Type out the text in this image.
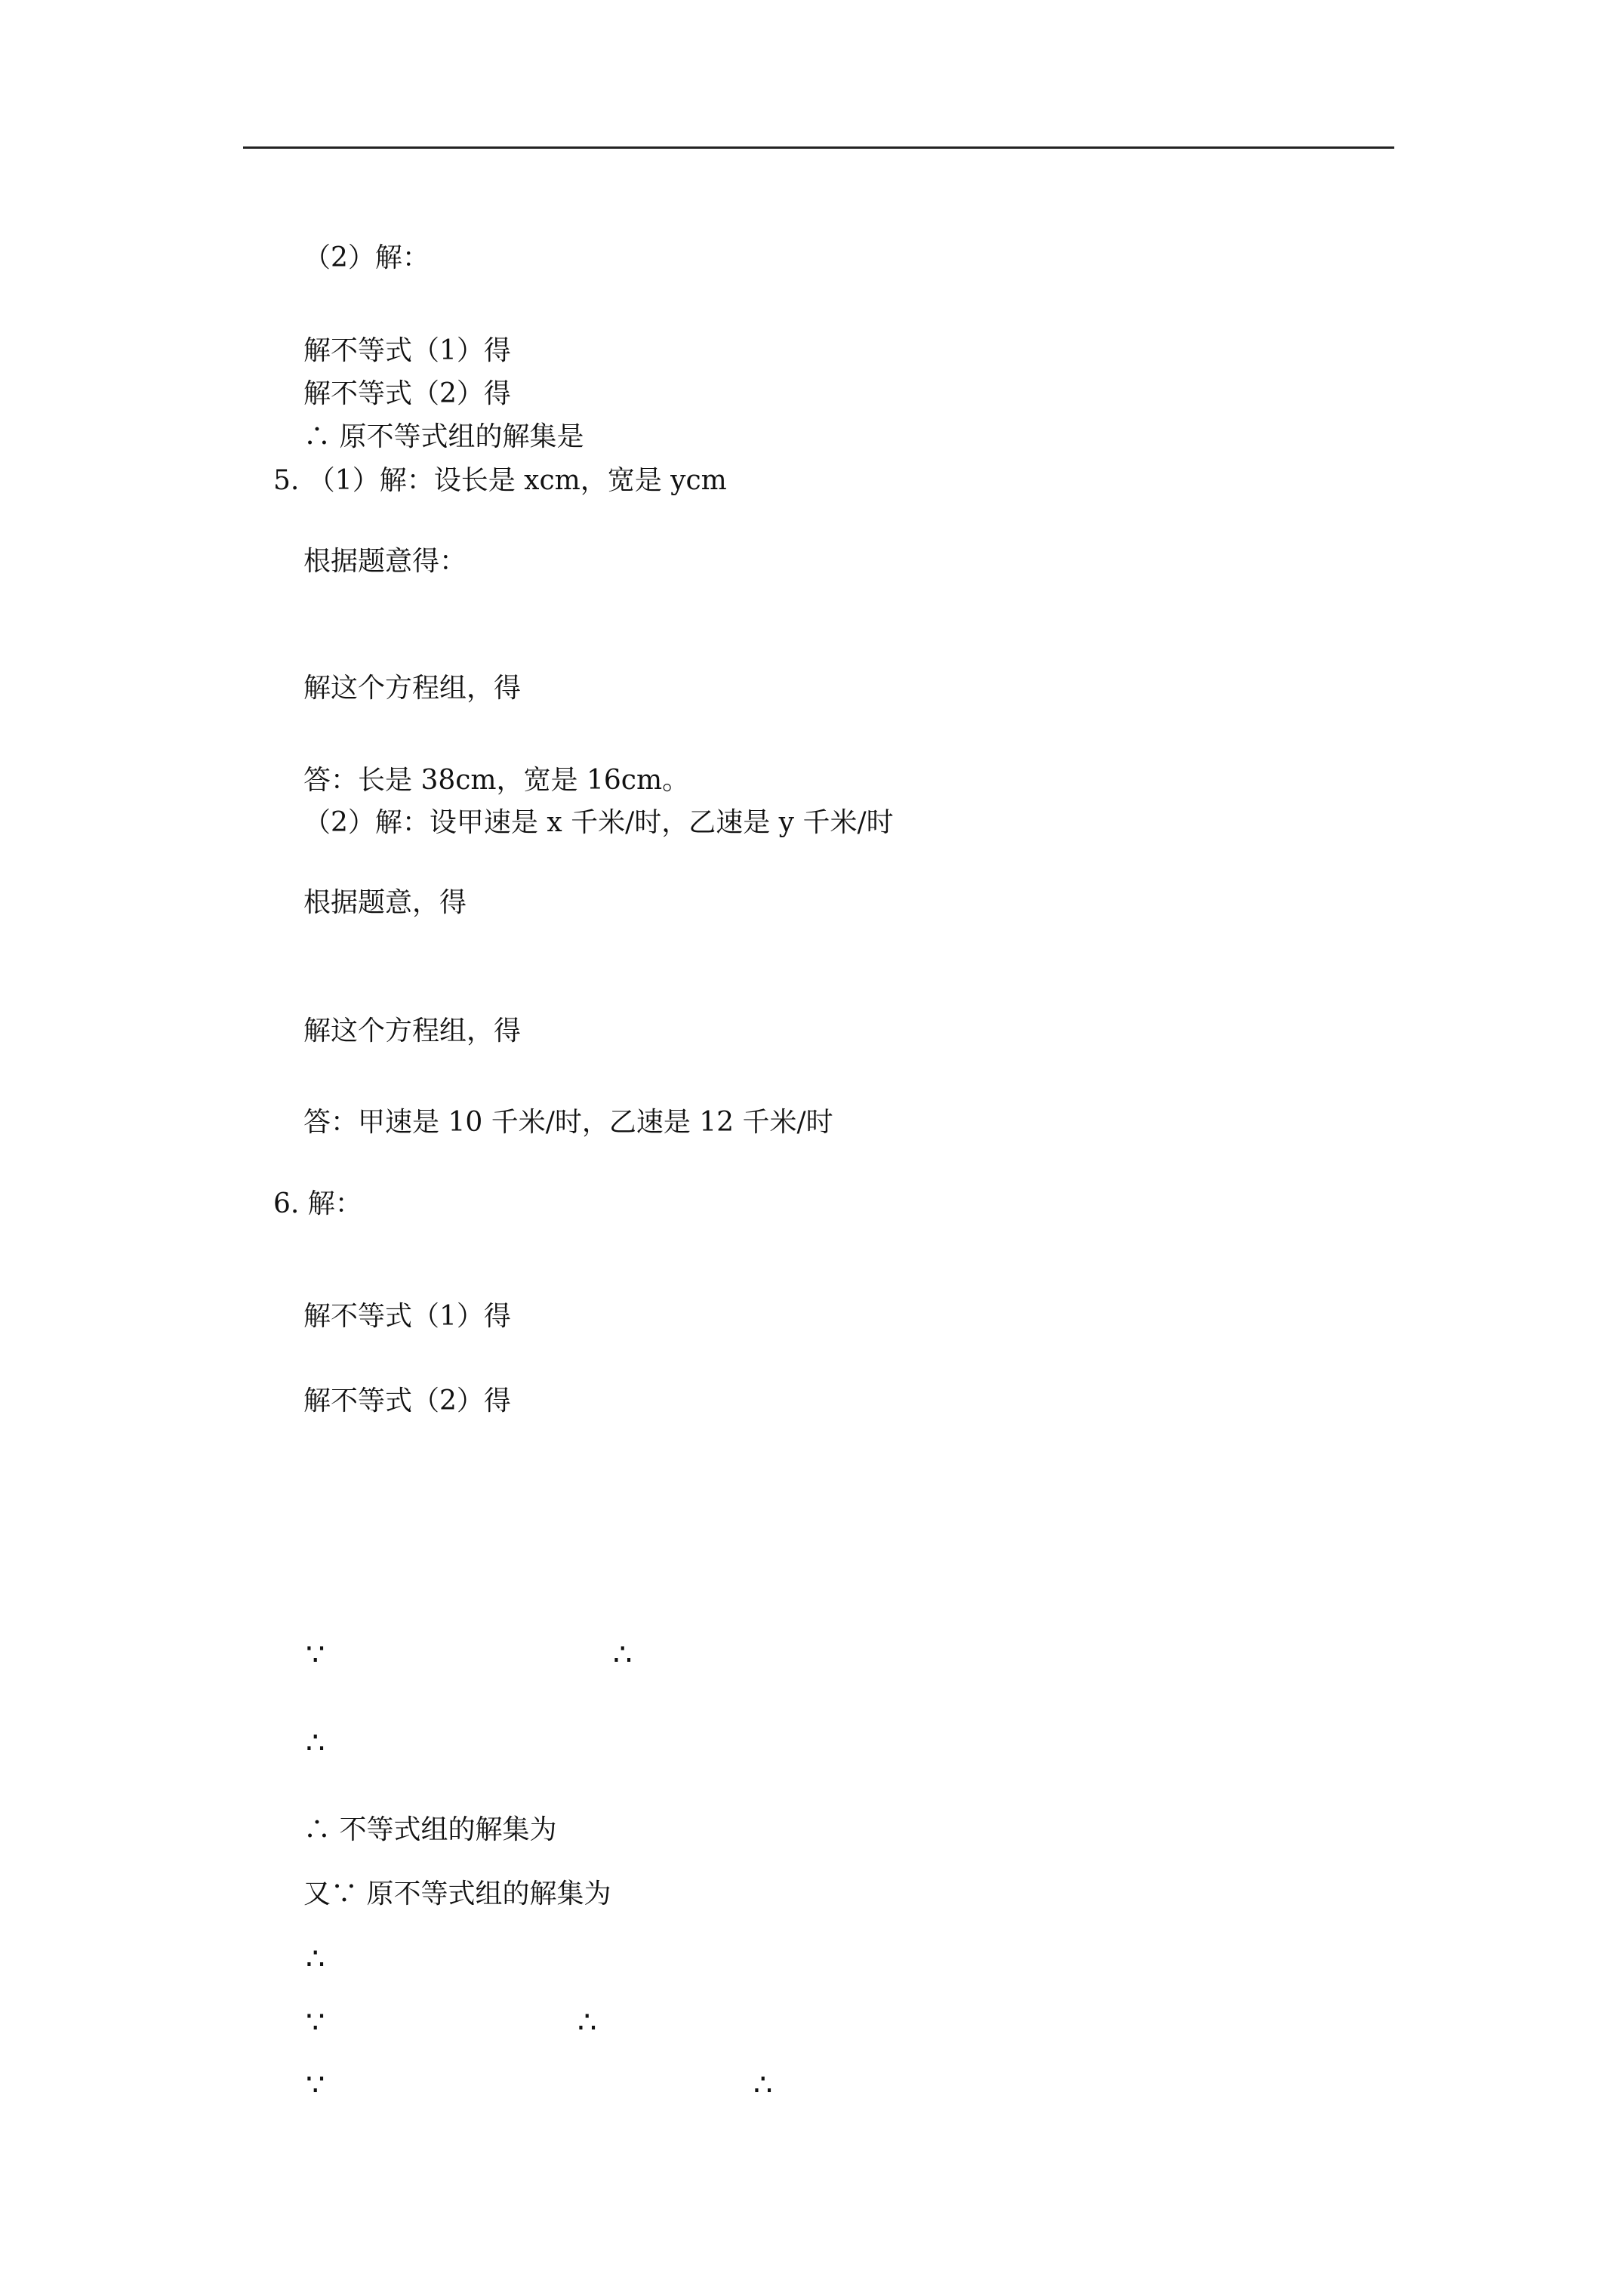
（2）解：
解不等式（1）得
解不等式（2）得
∴ 原不等式组的解集是
5. （1）解：设长是 xcm，宽是 ycm
根据题意得：
解这个方程组，得
答：长是 38cm，宽是 16cm。
（2）解：设甲速是 x 千米/时，乙速是 y 千米/时
根据题意，得
解这个方程组，得
答：甲速是 10 千米/时，乙速是 12 千米/时
6. 解：
解不等式（1）得
解不等式（2）得
∵	∴
∴
∴ 不等式组的解集为
又∵ 原不等式组的解集为
∴
∵	∴
∵	∴
